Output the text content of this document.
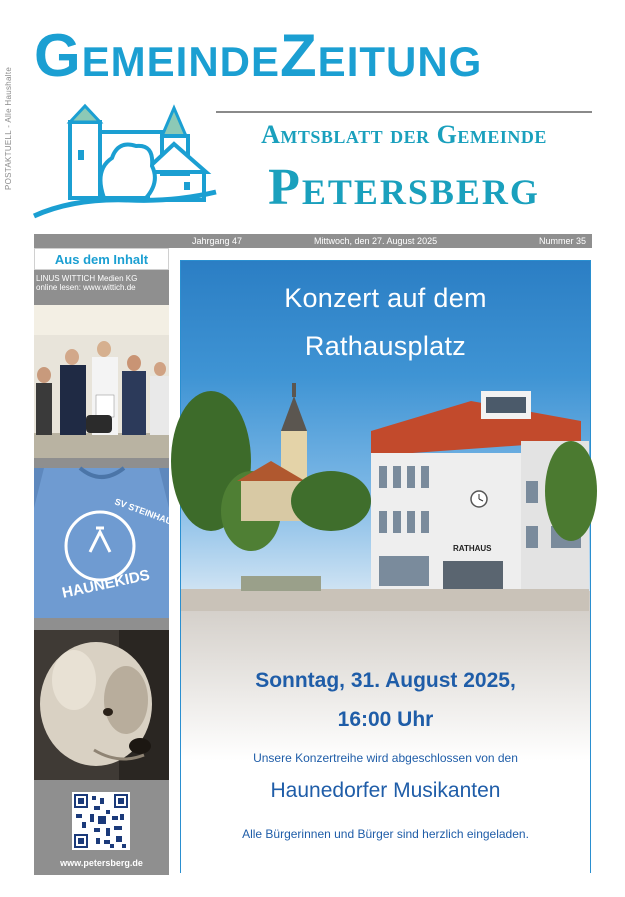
POSTAKTUELL - Alle Haushalte
GemeindeZeitung
Amtsblatt der Gemeinde
Petersberg
Jahrgang 47	Mittwoch, den 27. August 2025	Nummer 35
Aus dem Inhalt
LINUS WITTICH Medien KG
online lesen: www.wittich.de
SV STEINHAUS
HAUNEKIDS
www.petersberg.de
Konzert auf dem
Rathausplatz
RATHAUS
Sonntag, 31. August 2025,
16:00 Uhr
Unsere Konzertreihe wird abgeschlossen von den
Haunedorfer Musikanten
Alle Bürgerinnen und Bürger sind herzlich eingeladen.
